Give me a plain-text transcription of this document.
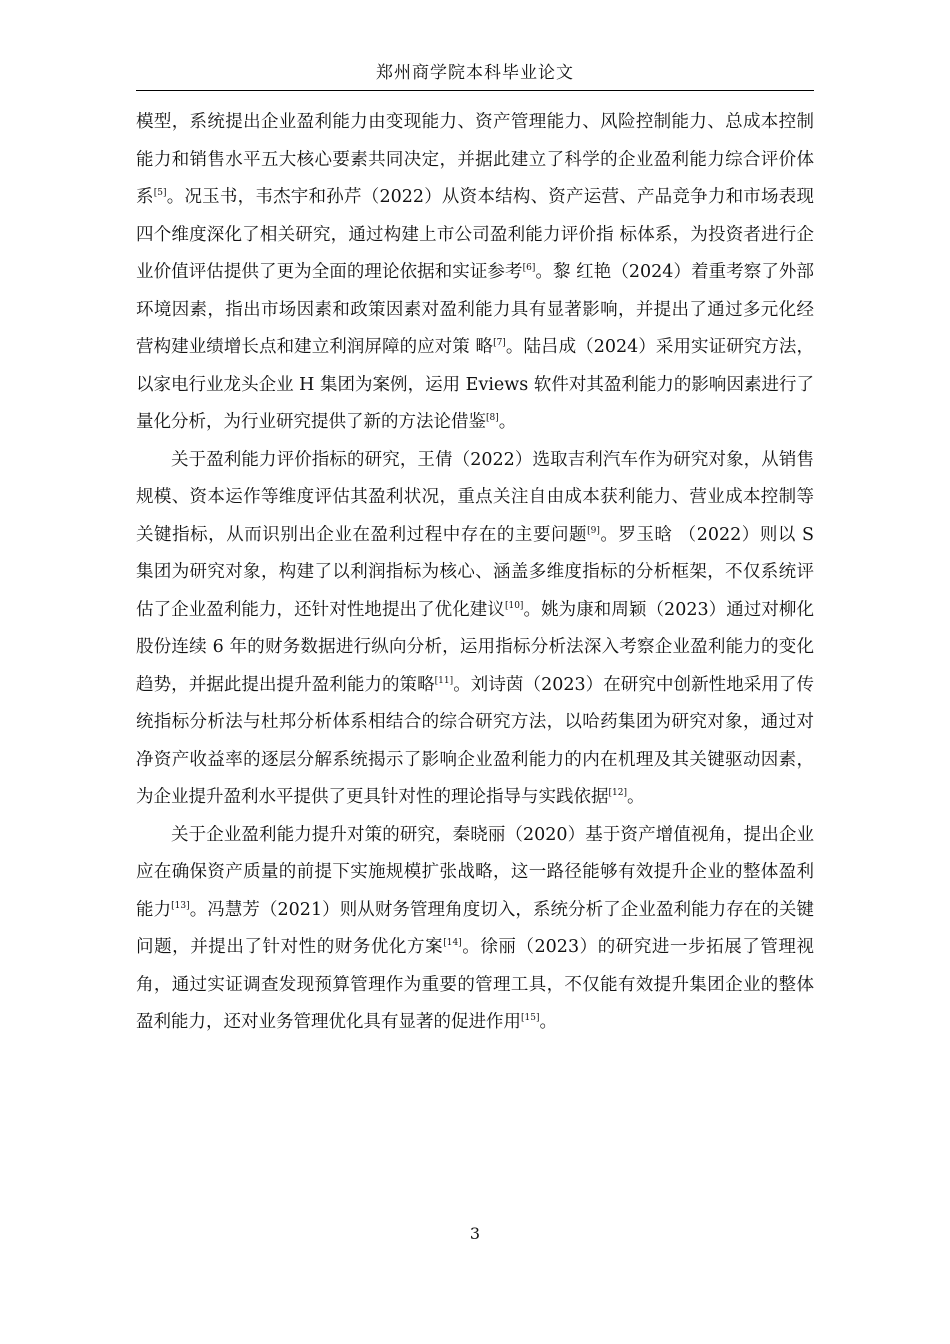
郑州商学院本科毕业论文

模型，系统提出企业盈利能力由变现能力、资产管理能力、风险控制能力、总成本控制能力和销售水平五大核心要素共同决定，并据此建立了科学的企业盈利能力综合评价体系[5]。况玉书，韦杰宇和孙芹（2022）从资本结构、资产运营、产品竞争力和市场表现四个维度深化了相关研究，通过构建上市公司盈利能力评价指 标体系，为投资者进行企业价值评估提供了更为全面的理论依据和实证参考[6]。黎 红艳（2024）着重考察了外部环境因素，指出市场因素和政策因素对盈利能力具有显著影响，并提出了通过多元化经营构建业绩增长点和建立利润屏障的应对策 略[7]。陆吕成（2024）采用实证研究方法，以家电行业龙头企业 H 集团为案例，运用 Eviews 软件对其盈利能力的影响因素进行了量化分析，为行业研究提供了新的方法论借鉴[8]。

关于盈利能力评价指标的研究，王倩（2022）选取吉利汽车作为研究对象，从销售规模、资本运作等维度评估其盈利状况，重点关注自由成本获利能力、营业成本控制等关键指标，从而识别出企业在盈利过程中存在的主要问题[9]。罗玉晗 （2022）则以 S 集团为研究对象，构建了以利润指标为核心、涵盖多维度指标的分析框架，不仅系统评估了企业盈利能力，还针对性地提出了优化建议[10]。姚为康和周颖（2023）通过对柳化股份连续 6 年的财务数据进行纵向分析，运用指标分析法深入考察企业盈利能力的变化趋势，并据此提出提升盈利能力的策略[11]。刘诗茵（2023）在研究中创新性地采用了传统指标分析法与杜邦分析体系相结合的综合研究方法，以哈药集团为研究对象，通过对净资产收益率的逐层分解系统揭示了影响企业盈利能力的内在机理及其关键驱动因素，为企业提升盈利水平提供了更具针对性的理论指导与实践依据[12]。

关于企业盈利能力提升对策的研究，秦晓丽（2020）基于资产增值视角，提出企业应在确保资产质量的前提下实施规模扩张战略，这一路径能够有效提升企业的整体盈利能力[13]。冯慧芳（2021）则从财务管理角度切入，系统分析了企业盈利能力存在的关键问题，并提出了针对性的财务优化方案[14]。徐丽（2023）的研究进一步拓展了管理视角，通过实证调查发现预算管理作为重要的管理工具，不仅能有效提升集团企业的整体盈利能力，还对业务管理优化具有显著的促进作用[15]。

3
